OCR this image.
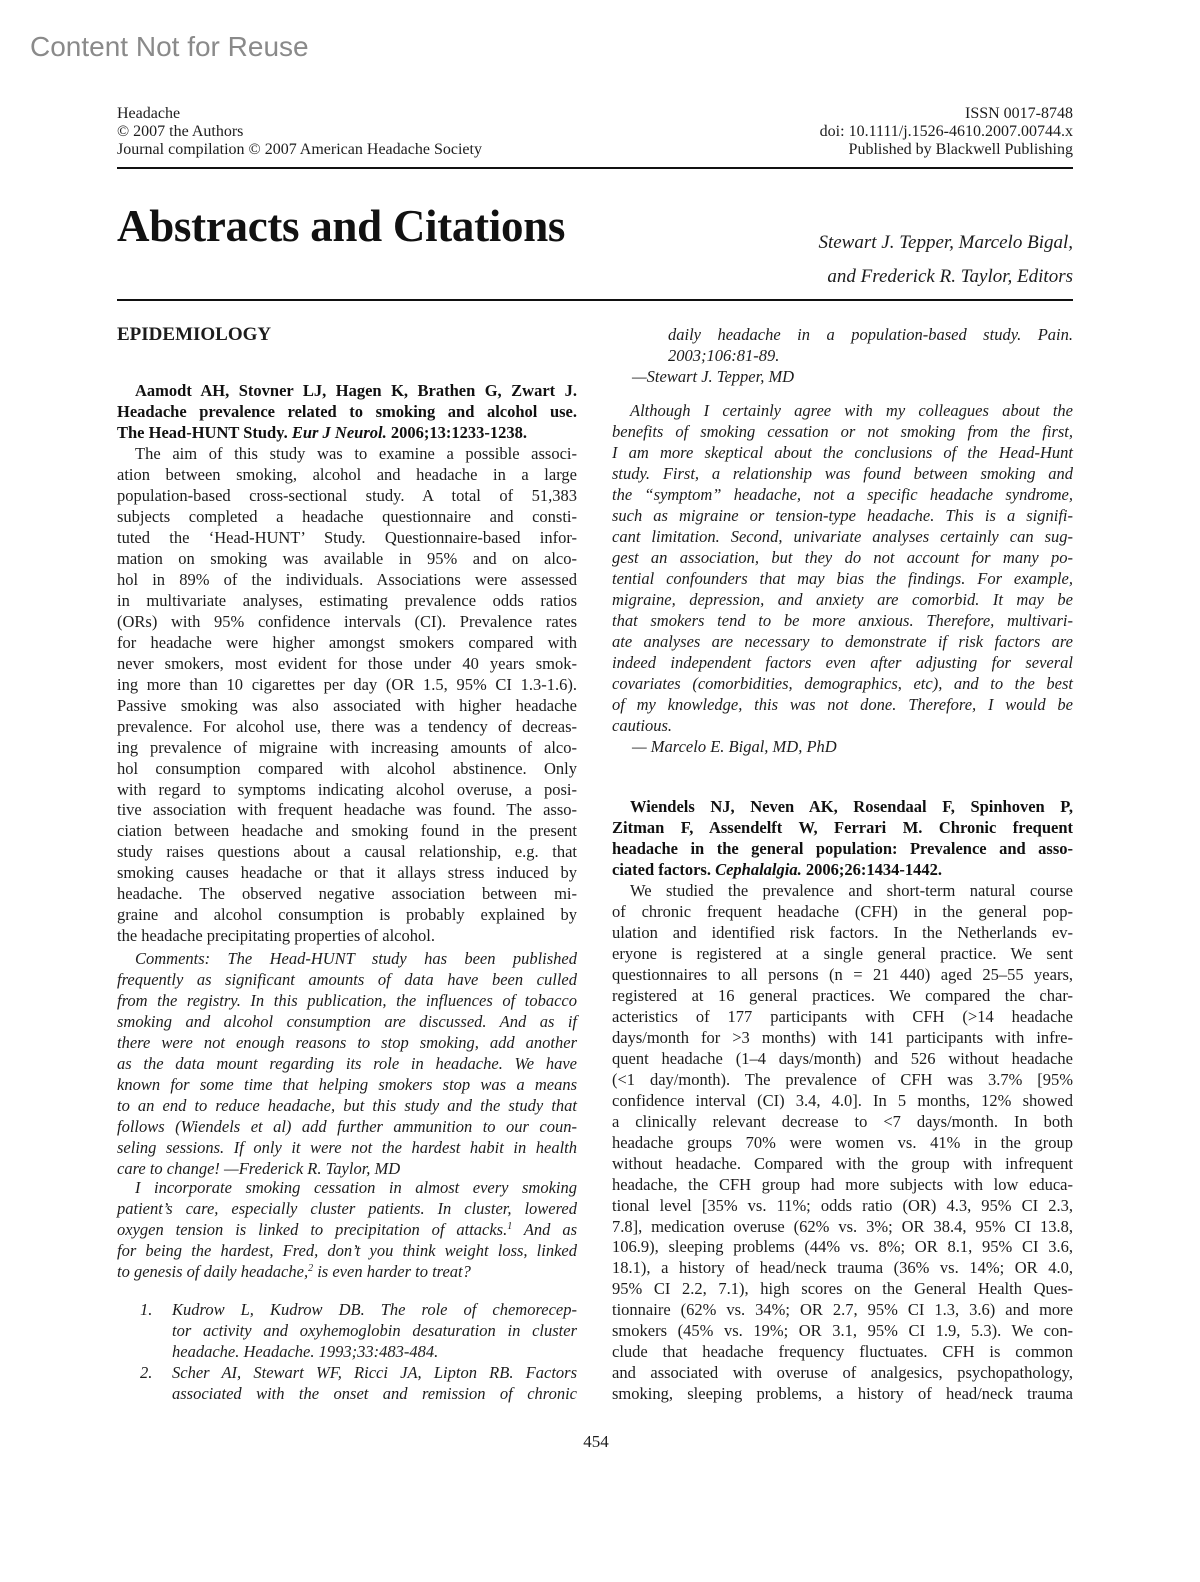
Content Not for Reuse
Headache
© 2007 the Authors
Journal compilation © 2007 American Headache Society
ISSN 0017-8748
doi: 10.1111/j.1526-4610.2007.00744.x
Published by Blackwell Publishing
Abstracts and Citations	Stewart J. Tepper, Marcelo Bigal,
and Frederick R. Taylor, Editors
EPIDEMIOLOGY
Aamodt AH, Stovner LJ, Hagen K, Brathen G, Zwart J.
Headache prevalence related to smoking and alcohol use.
The Head-HUNT Study. Eur J Neurol. 2006;13:1233-1238.
The aim of this study was to examine a possible associ-
ation between smoking, alcohol and headache in a large
population-based cross-sectional study. A total of 51,383
subjects completed a headache questionnaire and consti-
tuted the ‘Head-HUNT’ Study. Questionnaire-based infor-
mation on smoking was available in 95% and on alco-
hol in 89% of the individuals. Associations were assessed
in multivariate analyses, estimating prevalence odds ratios
(ORs) with 95% confidence intervals (CI). Prevalence rates
for headache were higher amongst smokers compared with
never smokers, most evident for those under 40 years smok-
ing more than 10 cigarettes per day (OR 1.5, 95% CI 1.3-1.6).
Passive smoking was also associated with higher headache
prevalence. For alcohol use, there was a tendency of decreas-
ing prevalence of migraine with increasing amounts of alco-
hol consumption compared with alcohol abstinence. Only
with regard to symptoms indicating alcohol overuse, a posi-
tive association with frequent headache was found. The asso-
ciation between headache and smoking found in the present
study raises questions about a causal relationship, e.g. that
smoking causes headache or that it allays stress induced by
headache. The observed negative association between mi-
graine and alcohol consumption is probably explained by
the headache precipitating properties of alcohol.
Comments: The Head-HUNT study has been published
frequently as significant amounts of data have been culled
from the registry. In this publication, the influences of tobacco
smoking and alcohol consumption are discussed. And as if
there were not enough reasons to stop smoking, add another
as the data mount regarding its role in headache. We have
known for some time that helping smokers stop was a means
to an end to reduce headache, but this study and the study that
follows (Wiendels et al) add further ammunition to our coun-
seling sessions. If only it were not the hardest habit in health
care to change! —Frederick R. Taylor, MD
I incorporate smoking cessation in almost every smoking
patient’s care, especially cluster patients. In cluster, lowered
oxygen tension is linked to precipitation of attacks.$^1$ And as
for being the hardest, Fred, don’t you think weight loss, linked
to genesis of daily headache,$^2$ is even harder to treat?
1. Kudrow L, Kudrow DB. The role of chemorecep-
tor activity and oxyhemoglobin desaturation in cluster
headache. Headache. 1993;33:483-484.
2. Scher AI, Stewart WF, Ricci JA, Lipton RB. Factors
associated with the onset and remission of chronic
daily headache in a population-based study. Pain.
2003;106:81-89.
—Stewart J. Tepper, MD
Although I certainly agree with my colleagues about the
benefits of smoking cessation or not smoking from the first,
I am more skeptical about the conclusions of the Head-Hunt
study. First, a relationship was found between smoking and
the “symptom” headache, not a specific headache syndrome,
such as migraine or tension-type headache. This is a signifi-
cant limitation. Second, univariate analyses certainly can sug-
gest an association, but they do not account for many po-
tential confounders that may bias the findings. For example,
migraine, depression, and anxiety are comorbid. It may be
that smokers tend to be more anxious. Therefore, multivari-
ate analyses are necessary to demonstrate if risk factors are
indeed independent factors even after adjusting for several
covariates (comorbidities, demographics, etc), and to the best
of my knowledge, this was not done. Therefore, I would be
cautious.
— Marcelo E. Bigal, MD, PhD
Wiendels NJ, Neven AK, Rosendaal F, Spinhoven P,
Zitman F, Assendelft W, Ferrari M. Chronic frequent
headache in the general population: Prevalence and asso-
ciated factors. Cephalalgia. 2006;26:1434-1442.
We studied the prevalence and short-term natural course
of chronic frequent headache (CFH) in the general pop-
ulation and identified risk factors. In the Netherlands ev-
eryone is registered at a single general practice. We sent
questionnaires to all persons (n = 21 440) aged 25–55 years,
registered at 16 general practices. We compared the char-
acteristics of 177 participants with CFH (>14 headache
days/month for >3 months) with 141 participants with infre-
quent headache (1–4 days/month) and 526 without headache
(<1 day/month). The prevalence of CFH was 3.7% [95%
confidence interval (CI) 3.4, 4.0]. In 5 months, 12% showed
a clinically relevant decrease to <7 days/month. In both
headache groups 70% were women vs. 41% in the group
without headache. Compared with the group with infrequent
headache, the CFH group had more subjects with low educa-
tional level [35% vs. 11%; odds ratio (OR) 4.3, 95% CI 2.3,
7.8], medication overuse (62% vs. 3%; OR 38.4, 95% CI 13.8,
106.9), sleeping problems (44% vs. 8%; OR 8.1, 95% CI 3.6,
18.1), a history of head/neck trauma (36% vs. 14%; OR 4.0,
95% CI 2.2, 7.1), high scores on the General Health Ques-
tionnaire (62% vs. 34%; OR 2.7, 95% CI 1.3, 3.6) and more
smokers (45% vs. 19%; OR 3.1, 95% CI 1.9, 5.3). We con-
clude that headache frequency fluctuates. CFH is common
and associated with overuse of analgesics, psychopathology,
smoking, sleeping problems, a history of head/neck trauma
454
